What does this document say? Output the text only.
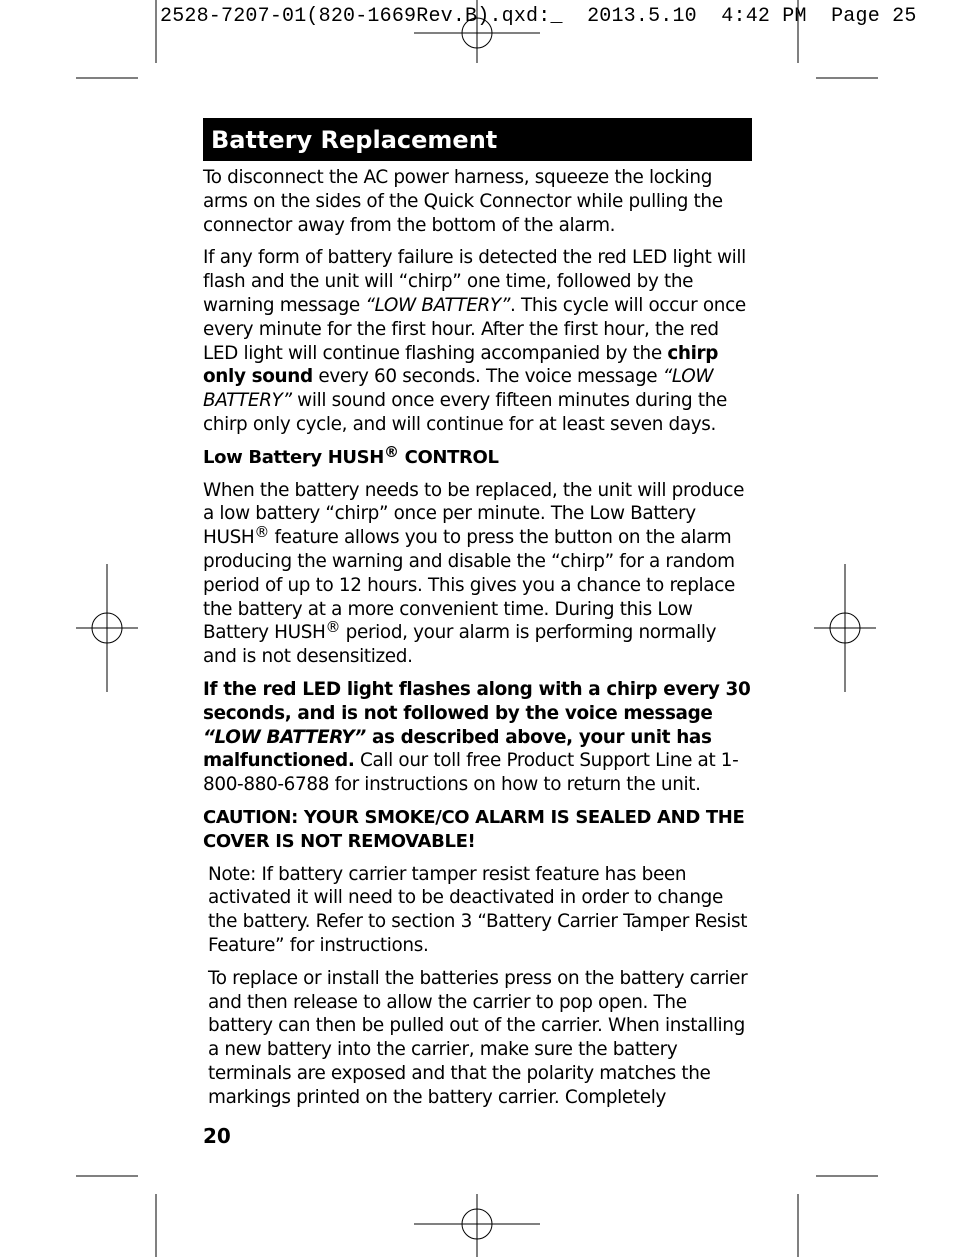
2528-7207-01(820-1669Rev.B).qxd:_  2013.5.10  4:42 PM  Page 25
Battery Replacement

To disconnect the AC power harness, squeeze the locking arms on the sides of the Quick Connector while pulling the connector away from the bottom of the alarm.

If any form of battery failure is detected the red LED light will flash and the unit will “chirp” one time, followed by the warning message “LOW BATTERY”. This cycle will occur once every minute for the first hour. After the first hour, the red LED light will continue flashing accompanied by the chirp only sound every 60 seconds. The voice message “LOW BATTERY” will sound once every fifteen minutes during the chirp only cycle, and will continue for at least seven days.

Low Battery HUSH® CONTROL

When the battery needs to be replaced, the unit will produce a low battery “chirp” once per minute. The Low Battery HUSH® feature allows you to press the button on the alarm producing the warning and disable the “chirp” for a random period of up to 12 hours. This gives you a chance to replace the battery at a more convenient time. During this Low Battery HUSH® period, your alarm is performing normally and is not desensitized.

If the red LED light flashes along with a chirp every 30 seconds, and is not followed by the voice message “LOW BATTERY” as described above, your unit has malfunctioned. Call our toll free Product Support Line at 1-800-880-6788 for instructions on how to return the unit.

CAUTION: YOUR SMOKE/CO ALARM IS SEALED AND THE COVER IS NOT REMOVABLE!

Note: If battery carrier tamper resist feature has been activated it will need to be deactivated in order to change the battery. Refer to section 3 “Battery Carrier Tamper Resist Feature” for instructions.

To replace or install the batteries press on the battery carrier and then release to allow the carrier to pop open. The battery can then be pulled out of the carrier. When installing a new battery into the carrier, make sure the battery terminals are exposed and that the polarity matches the markings printed on the battery carrier. Completely

20
